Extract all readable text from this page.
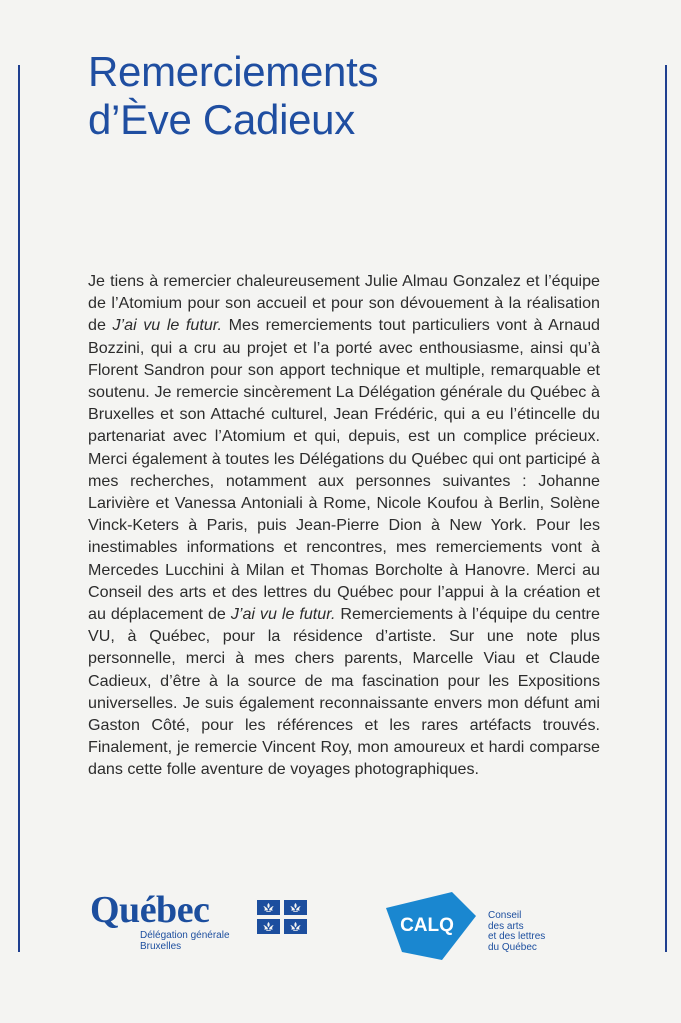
Remerciements
d’Ève Cadieux

Je tiens à remercier chaleureusement Julie Almau Gonzalez et l’équipe de l’Atomium pour son accueil et pour son dévouement à la réalisation de J’ai vu le futur. Mes remerciements tout particuliers vont à Arnaud Bozzini, qui a cru au projet et l’a porté avec enthousiasme, ainsi qu’à Florent Sandron pour son apport technique et multiple, remarquable et soutenu. Je remercie sincèrement La Délégation générale du Québec à Bruxelles et son Attaché culturel, Jean Frédéric, qui a eu l’étincelle du partenariat avec l’Atomium et qui, depuis, est un complice précieux. Merci également à toutes les Délégations du Québec qui ont participé à mes recherches, notamment aux personnes suivantes : Johanne Larivière et Vanessa Antoniali à Rome, Nicole Koufou à Berlin, Solène Vinck-Keters à Paris, puis Jean-Pierre Dion à New York. Pour les inestimables informations et rencontres, mes remerciements vont à Mercedes Lucchini à Milan et Thomas Borcholte à Hanovre. Merci au Conseil des arts et des lettres du Québec pour l’appui à la création et au déplacement de J’ai vu le futur. Remerciements à l’équipe du centre VU, à Québec, pour la résidence d’artiste. Sur une note plus personnelle, merci à mes chers parents, Marcelle Viau et Claude Cadieux, d’être à la source de ma fascination pour les Expositions universelles. Je suis également reconnaissante envers mon défunt ami Gaston Côté, pour les références et les rares artéfacts trouvés. Finalement, je remercie Vincent Roy, mon amoureux et hardi comparse dans cette folle aventure de voyages photographiques.

Québec
Délégation générale
Bruxelles
CALQ	Conseil
des arts
et des lettres
du Québec
